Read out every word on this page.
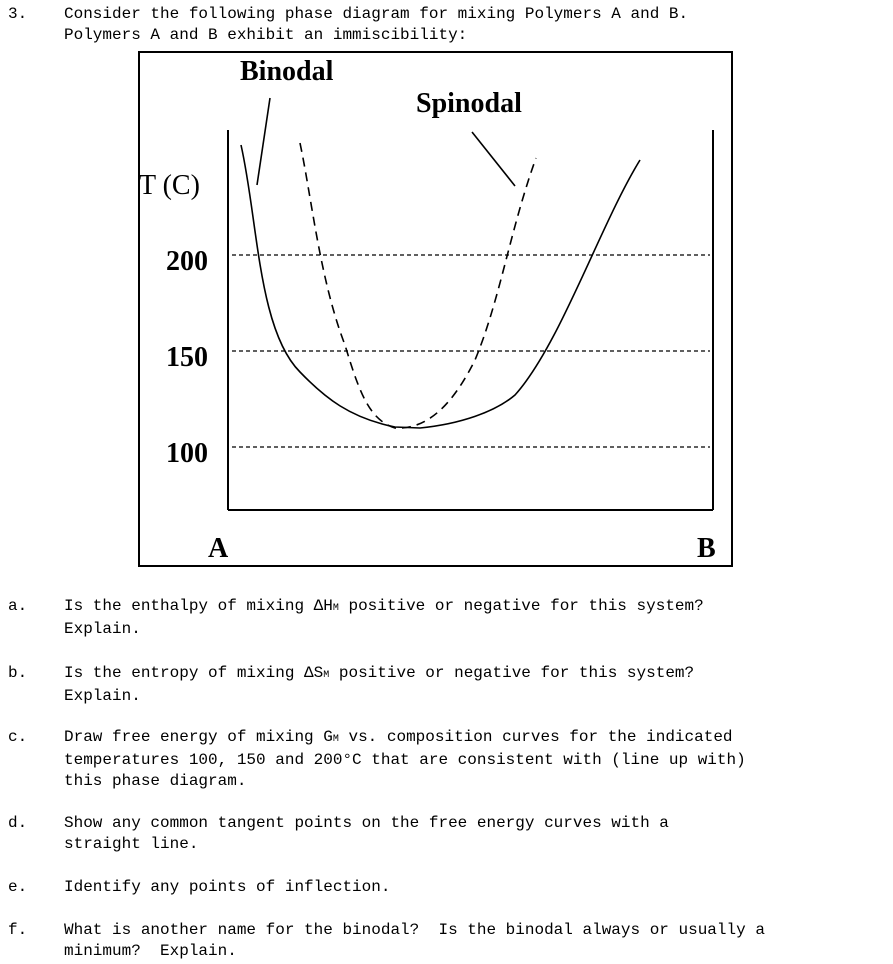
3. Consider the following phase diagram for mixing Polymers A and B.
Polymers A and B exhibit an immiscibility:
Binodal
Spinodal
T (C)
200
150
100
A	B
a. Is the enthalpy of mixing ΔHM positive or negative for this system?
Explain.
b. Is the entropy of mixing ΔSM positive or negative for this system?
Explain.
c. Draw free energy of mixing GM vs. composition curves for the indicated
temperatures 100, 150 and 200°C that are consistent with (line up with)
this phase diagram.
d. Show any common tangent points on the free energy curves with a
straight line.
e. Identify any points of inflection.
f. What is another name for the binodal?  Is the binodal always or usually a
minimum?  Explain.
